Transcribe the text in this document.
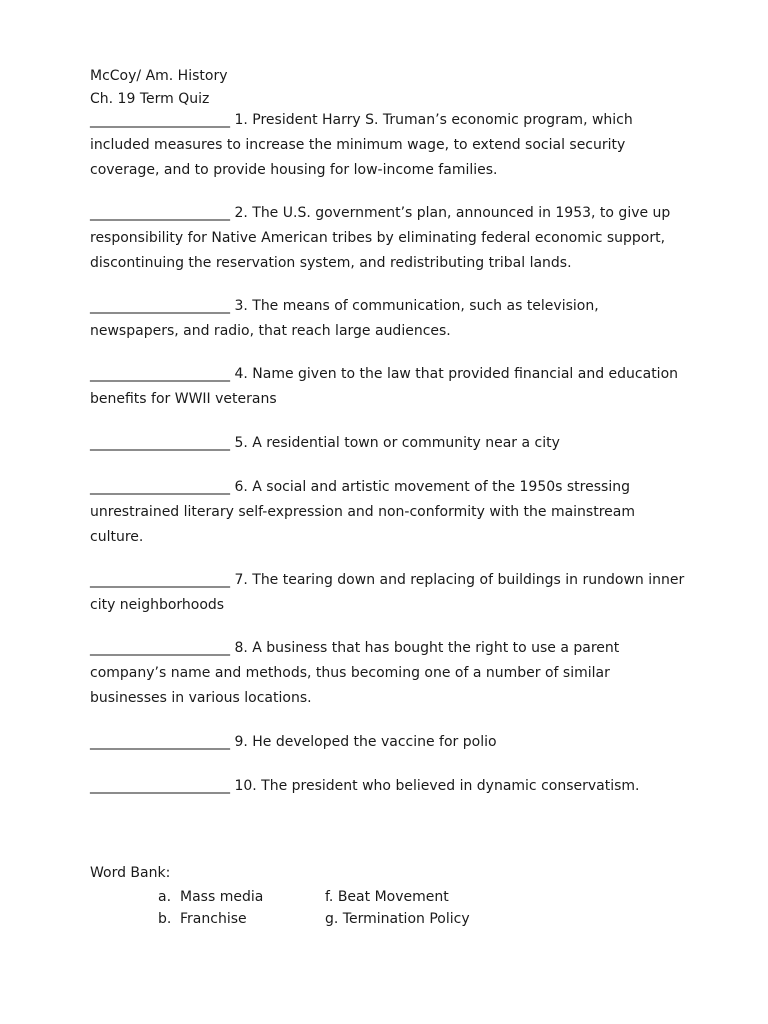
McCoy/ Am. History
Ch. 19 Term Quiz
____________________ 1. President Harry S. Truman’s economic program, which included measures to increase the minimum wage, to extend social security coverage, and to provide housing for low-income families.
____________________ 2. The U.S. government’s plan, announced in 1953, to give up responsibility for Native American tribes by eliminating federal economic support, discontinuing the reservation system, and redistributing tribal lands.
____________________ 3. The means of communication, such as television, newspapers, and radio, that reach large audiences.
____________________ 4. Name given to the law that provided financial and education benefits for WWII veterans
____________________ 5. A residential town or community near a city
____________________ 6. A social and artistic movement of the 1950s stressing unrestrained literary self-expression and non-conformity with the mainstream culture.
____________________ 7. The tearing down and replacing of buildings in rundown inner city neighborhoods
____________________ 8. A business that has bought the right to use a parent company’s name and methods, thus becoming one of a number of similar businesses in various locations.
____________________ 9. He developed the vaccine for polio
____________________ 10. The president who believed in dynamic conservatism.
Word Bank:
a. Mass media
b. Franchise
f. Beat Movement
g. Termination Policy
